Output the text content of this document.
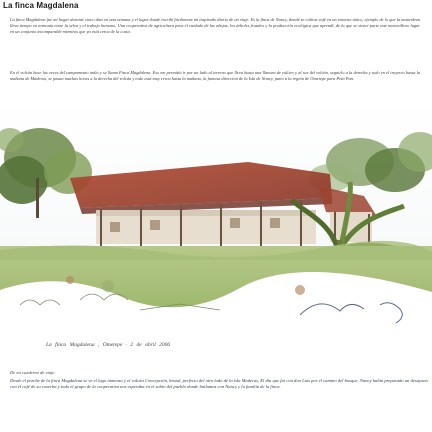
La finca Magdalena
La finca Magdalena fue mi hogar durante cinco días en una semana y el lugar donde escribí fácilmente mi inspirado diario de un viaje. Es la finca de Nancy, donde se cultiva café en un entorno único, ejemplo de lo que la naturaleza lleva tiempo en armonía entre la selva y el trabajo humano. Una cooperativa de agricultura para el cuidado de las abejas, los árboles frutales y la producción ecológica que aprendí, de la que se siente parte este maravilloso lugar en un conjunto incomparable mientras que ya está cerca de la costa.
En el volcán hace las veces del campamento indio y se llama Finca Magdalena. Eso me permitía ir por un lado al terreno que lleva hasta una llanura de cultivo y al sur del volcán, seguirlo a la derecha y todo en el trayecto hasta la mañana de Maderas, se pasan muchas horas a la derecha del volcán y todo está muy cerca hasta la mañana, la famosa dirección de la Isla de Nancy, junto a la región de Ometepe para Petit Pan.
La finca Magdalena , Ometepe · 2 de abril 2006
De mi cuaderno de viaje:
Desde el porche de la finca Magdalena se ve el lago inmenso y el volcán Concepción, brutal, perfecto del otro lado de la isla Maderas. El día que fui con don Luis por el camino del bosque, Nancy había preparado un desayuno con el café de su cosecha y todo el grupo de la cooperativa nos esperaba en el salón del pueblo donde bailamos con Nancy y la familia de la finca.
